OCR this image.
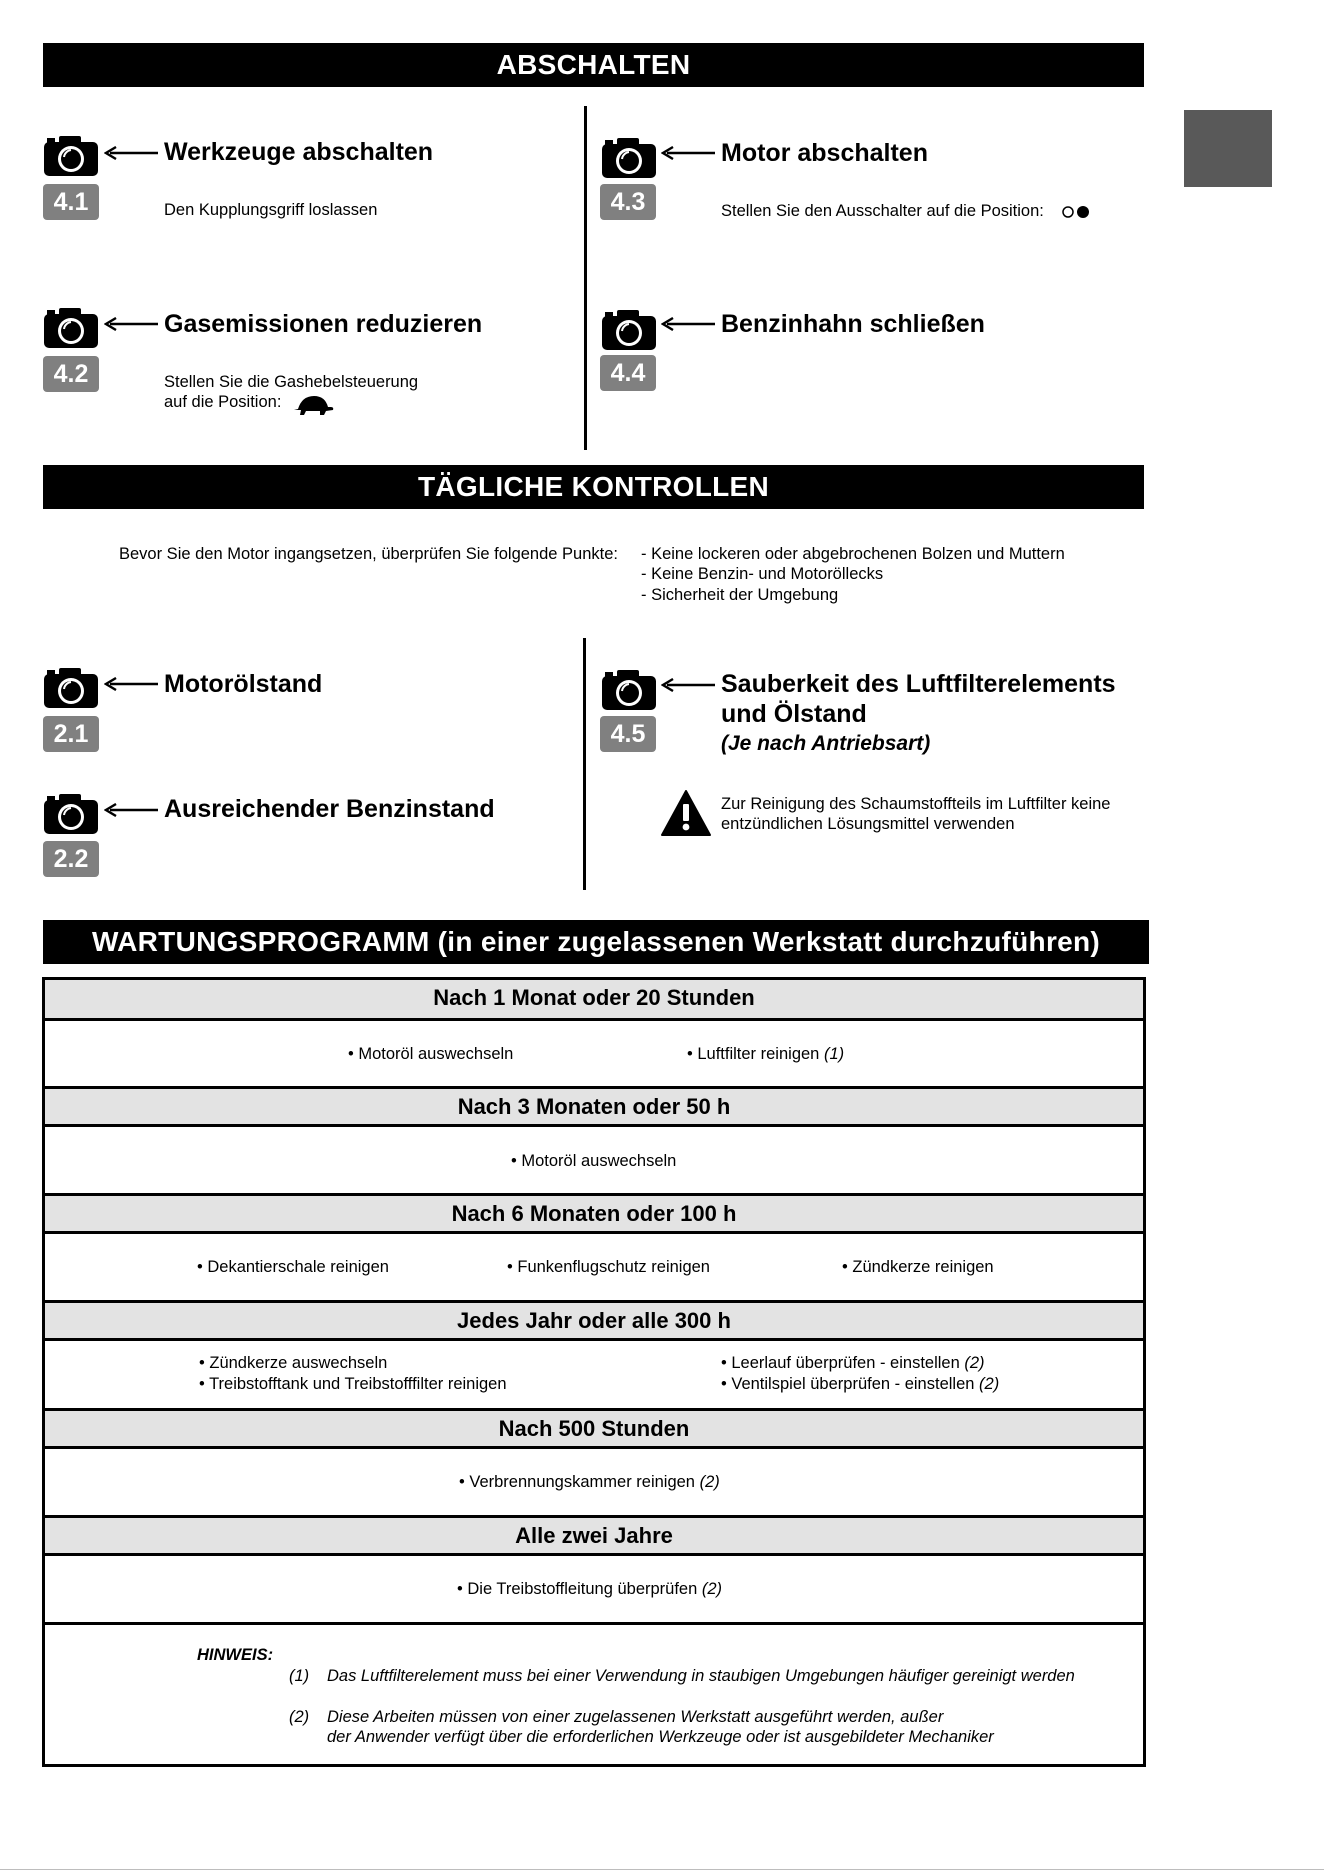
ABSCHALTEN
4.1
Werkzeuge abschalten
Den Kupplungsgriff loslassen
4.2
Gasemissionen reduzieren
Stellen Sie die Gashebelsteuerung
auf die Position:
4.3
Motor abschalten
Stellen Sie den Ausschalter auf die Position:
4.4
Benzinhahn schließen
TÄGLICHE KONTROLLEN
Bevor Sie den Motor ingangsetzen, überprüfen Sie folgende Punkte: - Keine lockeren oder abgebrochenen Bolzen und Muttern
- Keine Benzin- und Motoröllecks
- Sicherheit der Umgebung
2.1
Motorölstand
2.2
Ausreichender Benzinstand
4.5
Sauberkeit des Luftfilterelements
und Ölstand
(Je nach Antriebsart)
Zur Reinigung des Schaumstoffteils im Luftfilter keine
entzündlichen Lösungsmittel verwenden
WARTUNGSPROGRAMM (in einer zugelassenen Werkstatt durchzuführen)
Nach 1 Monat oder 20 Stunden
• Motoröl auswechseln	• Luftfilter reinigen (1)
Nach 3 Monaten oder 50 h
• Motoröl auswechseln
Nach 6 Monaten oder 100 h
• Dekantierschale reinigen	• Funkenflugschutz reinigen	• Zündkerze reinigen
Jedes Jahr oder alle 300 h
• Zündkerze auswechseln
• Treibstofftank und Treibstofffilter reinigen
• Leerlauf überprüfen - einstellen (2)
• Ventilspiel überprüfen - einstellen (2)
Nach 500 Stunden
• Verbrennungskammer reinigen (2)
Alle zwei Jahre
• Die Treibstoffleitung überprüfen (2)
HINWEIS:
(1) Das Luftfilterelement muss bei einer Verwendung in staubigen Umgebungen häufiger gereinigt werden
(2) Diese Arbeiten müssen von einer zugelassenen Werkstatt ausgeführt werden, außer
der Anwender verfügt über die erforderlichen Werkzeuge oder ist ausgebildeter Mechaniker
